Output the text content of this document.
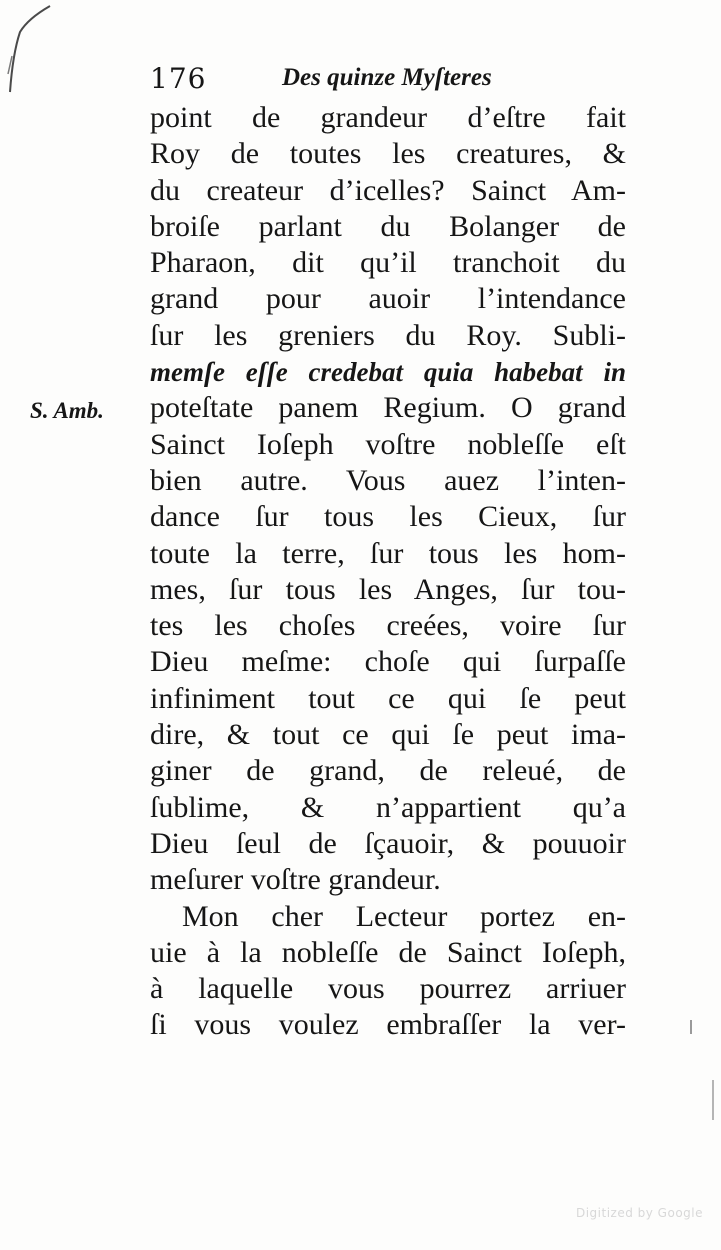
176	Des quinze Myſteres
S. Amb.
point de grandeur d’eſtre fait
Roy de toutes les creatures, &
du createur d’icelles? Sainct Am-
broiſe parlant du Bolanger de
Pharaon, dit qu’il tranchoit du
grand pour auoir l’intendance
ſur les greniers du Roy. Subli-
memſe eſſe credebat quia habebat in
poteſtate panem Regium. O grand
Sainct Ioſeph voſtre nobleſſe eſt
bien autre. Vous auez l’inten-
dance ſur tous les Cieux, ſur
toute la terre, ſur tous les hom-
mes, ſur tous les Anges, ſur tou-
tes les choſes creées, voire ſur
Dieu meſme: choſe qui ſurpaſſe
infiniment tout ce qui ſe peut
dire, & tout ce qui ſe peut ima-
giner de grand, de releué, de
ſublime, & n’appartient qu’a
Dieu ſeul de ſçauoir, & pouuoir
meſurer voſtre grandeur.
Mon cher Lecteur portez en-
uie à la nobleſſe de Sainct Ioſeph,
à laquelle vous pourrez arriuer
ſi vous voulez embraſſer la ver-
Digitized by Google
